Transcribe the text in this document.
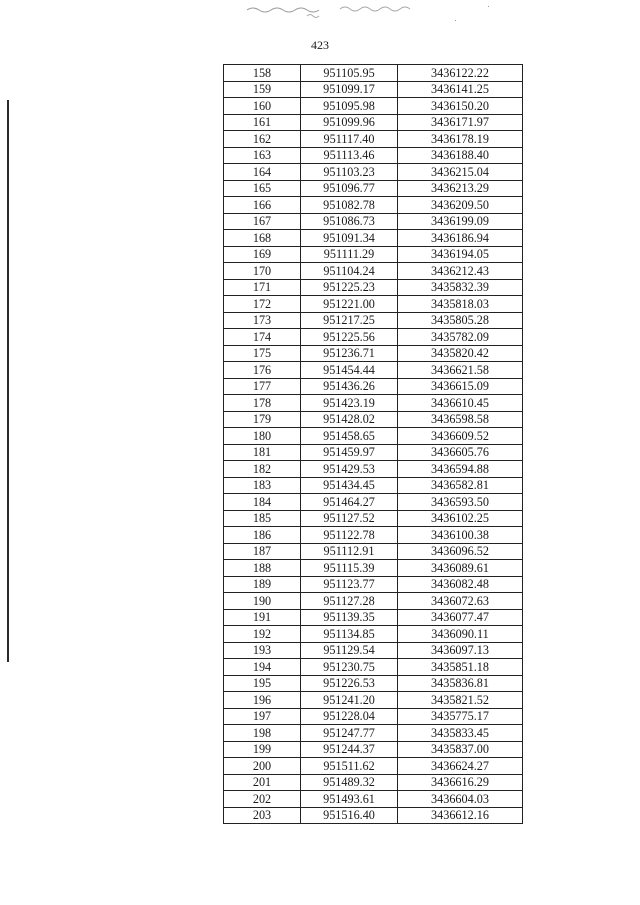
423
158	951105.95	3436122.22
159	951099.17	3436141.25
160	951095.98	3436150.20
161	951099.96	3436171.97
162	951117.40	3436178.19
163	951113.46	3436188.40
164	951103.23	3436215.04
165	951096.77	3436213.29
166	951082.78	3436209.50
167	951086.73	3436199.09
168	951091.34	3436186.94
169	951111.29	3436194.05
170	951104.24	3436212.43
171	951225.23	3435832.39
172	951221.00	3435818.03
173	951217.25	3435805.28
174	951225.56	3435782.09
175	951236.71	3435820.42
176	951454.44	3436621.58
177	951436.26	3436615.09
178	951423.19	3436610.45
179	951428.02	3436598.58
180	951458.65	3436609.52
181	951459.97	3436605.76
182	951429.53	3436594.88
183	951434.45	3436582.81
184	951464.27	3436593.50
185	951127.52	3436102.25
186	951122.78	3436100.38
187	951112.91	3436096.52
188	951115.39	3436089.61
189	951123.77	3436082.48
190	951127.28	3436072.63
191	951139.35	3436077.47
192	951134.85	3436090.11
193	951129.54	3436097.13
194	951230.75	3435851.18
195	951226.53	3435836.81
196	951241.20	3435821.52
197	951228.04	3435775.17
198	951247.77	3435833.45
199	951244.37	3435837.00
200	951511.62	3436624.27
201	951489.32	3436616.29
202	951493.61	3436604.03
203	951516.40	3436612.16
